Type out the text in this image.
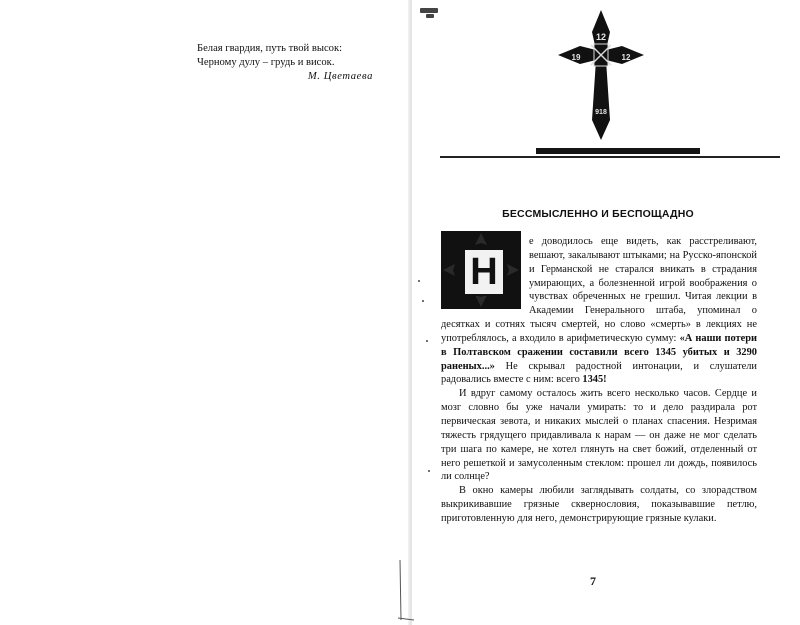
Белая гвардия, путь твой высок:
Черному дулу – грудь и висок.
М. Цветаева
12
19	12
918
БЕССМЫСЛЕННО И БЕСПОЩАДНО
Н

е доводилось еще видеть, как расстреливают, вешают, закалывают штыками; на Русско-японской и Германской не старался вникать в страдания умирающих, а болезненной игрой воображения о чувствах обреченных не грешил. Читая лекции в Академии Генерального штаба, упоминал о десятках и сотнях тысяч смертей, но слово «смерть» в лекциях не употреблялось, а входило в арифметическую сумму: «А наши потери в Полтавском сражении составили всего 1345 убитых и 3290 раненых...» Не скрывал радостной интонации, и слушатели радовались вместе с ним: всего 1345!

И вдруг самому осталось жить всего несколько часов. Сердце и мозг словно бы уже начали умирать: то и дело раздирала рот первическая зевота, и никаких мыслей о планах спасения. Незримая тяжесть грядущего придавливала к нарам — он даже не мог сделать три шага по камере, не хотел глянуть на свет божий, отделенный от него решеткой и замусоленным стеклом: прошел ли дождь, появилось ли солнце?

В окно камеры любили заглядывать солдаты, со злорадством выкрикивавшие грязные сквернословия, показывавшие петлю, приготовленную для него, демонстрирующие грязные кулаки.

7
